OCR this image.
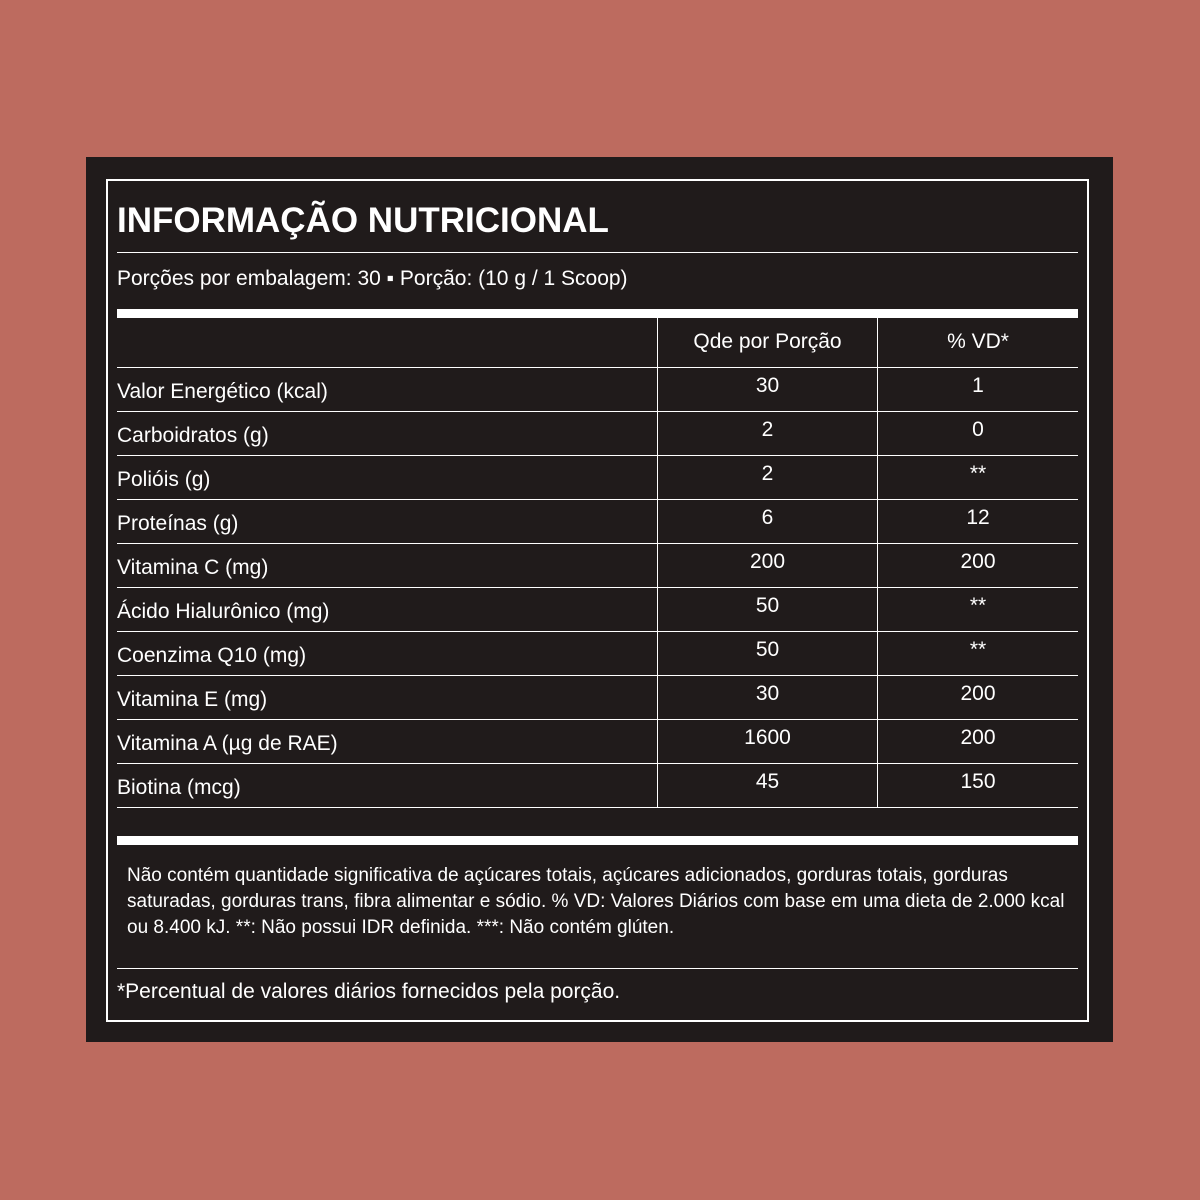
INFORMAÇÃO NUTRICIONAL
Porções por embalagem: 30 ▪ Porção: (10 g / 1 Scoop)
Qde por Porção	% VD*
Valor Energético (kcal)	30	1
Carboidratos (g)	2	0
Polióis (g)	2	**
Proteínas (g)	6	12
Vitamina C (mg)	200	200
Ácido Hialurônico (mg)	50	**
Coenzima Q10 (mg)	50	**
Vitamina E (mg)	30	200
Vitamina A (µg de RAE)	1600	200
Biotina (mcg)	45	150
Não contém quantidade significativa de açúcares totais, açúcares adicionados, gorduras totais, gorduras saturadas, gorduras trans, fibra alimentar e sódio. % VD: Valores Diários com base em uma dieta de 2.000 kcal ou 8.400 kJ. **: Não possui IDR definida. ***: Não contém glúten.
*Percentual de valores diários fornecidos pela porção.
